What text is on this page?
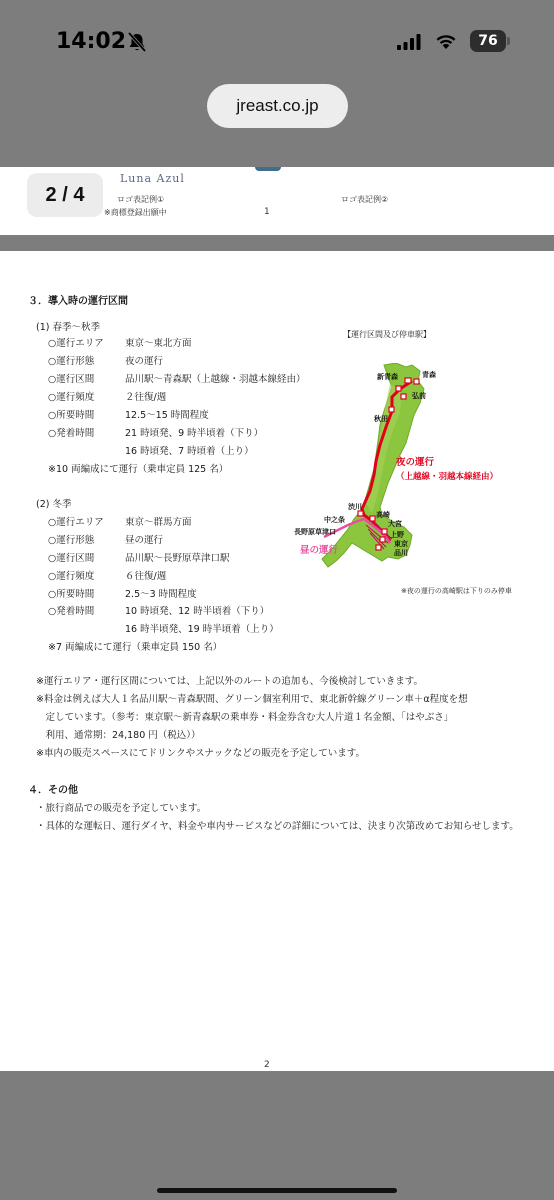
14:02	76
jreast.co.jp
Luna Azul
ロゴ表記例①	ロゴ表記例②
※商標登録出願中	1
2 / 4
３．導入時の運行区間
(1) 春季～秋季
○運行エリア 東京～東北方面
○運行形態	夜の運行
○運行区間	品川駅～青森駅（上越線・羽越本線経由）
○運行頻度	２往復/週
○所要時間	12.5～15 時間程度
○発着時間	21 時頃発、9 時半頃着（下り）
16 時頃発、7 時頃着（上り）
※10 両編成にて運行（乗車定員 125 名）
(2) 冬季
○運行エリア 東京～群馬方面
○運行形態	昼の運行
○運行区間	品川駅～長野原草津口駅
○運行頻度	６往復/週
○所要時間	2.5～3 時間程度
○発着時間	10 時頃発、12 時半頃着（下り）
16 時半頃発、19 時半頃着（上り）
※7 両編成にて運行（乗車定員 150 名）
【運行区間及び停車駅】
新青森	青森
弘前
秋田
夜の運行
（上越線・羽越本線経由）
渋川
中之条
長野原草津口
高崎
大宮
上野
東京
品川
昼の運行
※夜の運行の高崎駅は下りのみ停車
※運行エリア・運行区間については、上記以外のルートの追加も、今後検討していきます。
※料金は例えば大人１名品川駅～青森駅間、グリーン個室利用で、東北新幹線グリーン車＋α程度を想
　定しています。（参考：東京駅～新青森駅の乗車券・料金券含む大人片道１名金額、「はやぶさ」
　利用、通常期：24,180 円（税込））
※車内の販売スペースにてドリンクやスナックなどの販売を予定しています。
４．その他
・旅行商品での販売を予定しています。
・具体的な運転日、運行ダイヤ、料金や車内サービスなどの詳細については、決まり次第改めてお知らせします。
2
